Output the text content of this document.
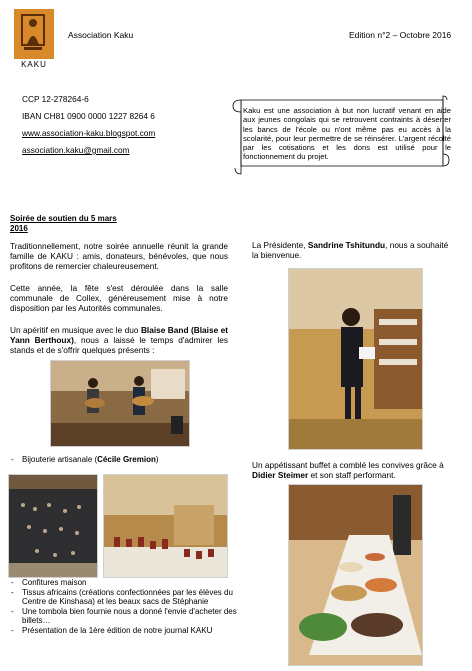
KAKU
Association Kaku	Edition n°2 – Octobre 2016
CCP 12-278264-6
IBAN CH81 0900 0000 1227 8264 6
www.association-kaku.blogspot.com
association.kaku@gmail.com
Kaku est une association à but non lucratif venant en aide aux jeunes congolais qui se retrouvent contraints à déserter les bancs de l'école ou n'ont même pas eu accès à la scolarité, pour leur permettre de se réinsérer. L'argent récolté par les cotisations et les dons est utilisé pour le fonctionnement du projet.
Soirée de soutien du 5 mars
2016
Traditionnellement, notre soirée annuelle réunit la grande famille de KAKU : amis, donateurs, bénévoles, que nous profitons de remercier chaleureusement.
Cette année, la fête s'est déroulée dans la salle communale de Collex, généreusement mise à notre disposition par les Autorités communales.
Un apéritif en musique avec le duo Blaise Band (Blaise et Yann Berthoux), nous a laissé le temps d'admirer les stands et de s'offrir quelques présents :
- Bijouterie artisanale (Cécile Gremion)
- Confitures maison
- Tissus africains (créations confectionnées par les élèves du Centre de Kinshasa) et les beaux sacs de Stéphanie
- Une tombola bien fournie nous a donné l'envie d'acheter des billets…
- Présentation de la 1ère édition de notre journal KAKU
La Présidente, Sandrine Tshitundu, nous a souhaité la bienvenue.
Un appétissant buffet a comblé les convives grâce à Didier Steimer et son staff performant.
